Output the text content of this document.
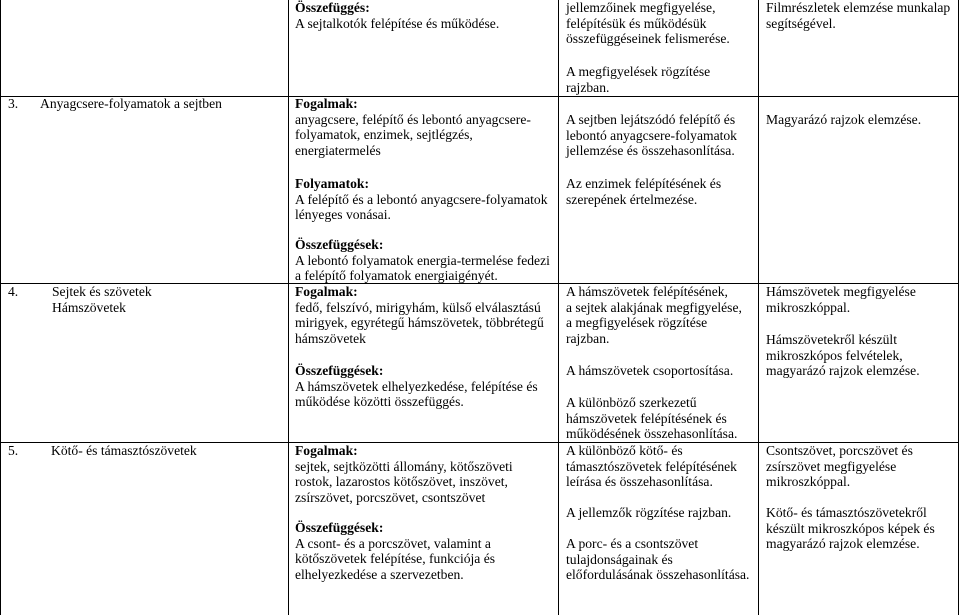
Összefüggés:
A sejtalkotók felépítése és működése.
jellemzőinek megfigyelése,
felépítésük és működésük
összefüggéseinek felismerése.
A megfigyelések rögzítése
rajzban.
Filmrészletek elemzése munkalap
segítségével.
3. Anyagcsere-folyamatok a sejtben	Fogalmak:
anyagcsere, felépítő és lebontó anyagcsere-
folyamatok, enzimek, sejtlégzés,
energiatermelés
Folyamatok:
A felépítő és a lebontó anyagcsere-folyamatok
lényeges vonásai.
Összefüggések:
A lebontó folyamatok energia-termelése fedezi
a felépítő folyamatok energiaigényét.
A sejtben lejátszódó felépítő és
lebontó anyagcsere-folyamatok
jellemzése és összehasonlítása.
Az enzimek felépítésének és
szerepének értelmezése.
Magyarázó rajzok elemzése.
4. Sejtek és szövetek
Hámszövetek
Fogalmak:
fedő, felszívó, mirigyhám, külső elválasztású
mirigyek, egyrétegű hámszövetek, többrétegű
hámszövetek
Összefüggések:
A hámszövetek elhelyezkedése, felépítése és
működése közötti összefüggés.
A hámszövetek felépítésének,
a sejtek alakjának megfigyelése,
a megfigyelések rögzítése
rajzban.
A hámszövetek csoportosítása.
A különböző szerkezetű
hámszövetek felépítésének és
működésének összehasonlítása.
Hámszövetek megfigyelése
mikroszkóppal.
Hámszövetekről készült
mikroszkópos felvételek,
magyarázó rajzok elemzése.
5. Kötő- és támasztószövetek	Fogalmak:
sejtek, sejtközötti állomány, kötőszöveti
rostok, lazarostos kötőszövet, inszövet,
zsírszövet, porcszövet, csontszövet
Összefüggések:
A csont- és a porcszövet, valamint a
kötőszövetek felépítése, funkciója és
elhelyezkedése a szervezetben.
A különböző kötő- és
támasztószövetek felépítésének
leírása és összehasonlítása.
A jellemzők rögzítése rajzban.
A porc- és a csontszövet
tulajdonságainak és
előfordulásának összehasonlítása.
Csontszövet, porcszövet és
zsírszövet megfigyelése
mikroszkóppal.
Kötő- és támasztószövetekről
készült mikroszkópos képek és
magyarázó rajzok elemzése.
